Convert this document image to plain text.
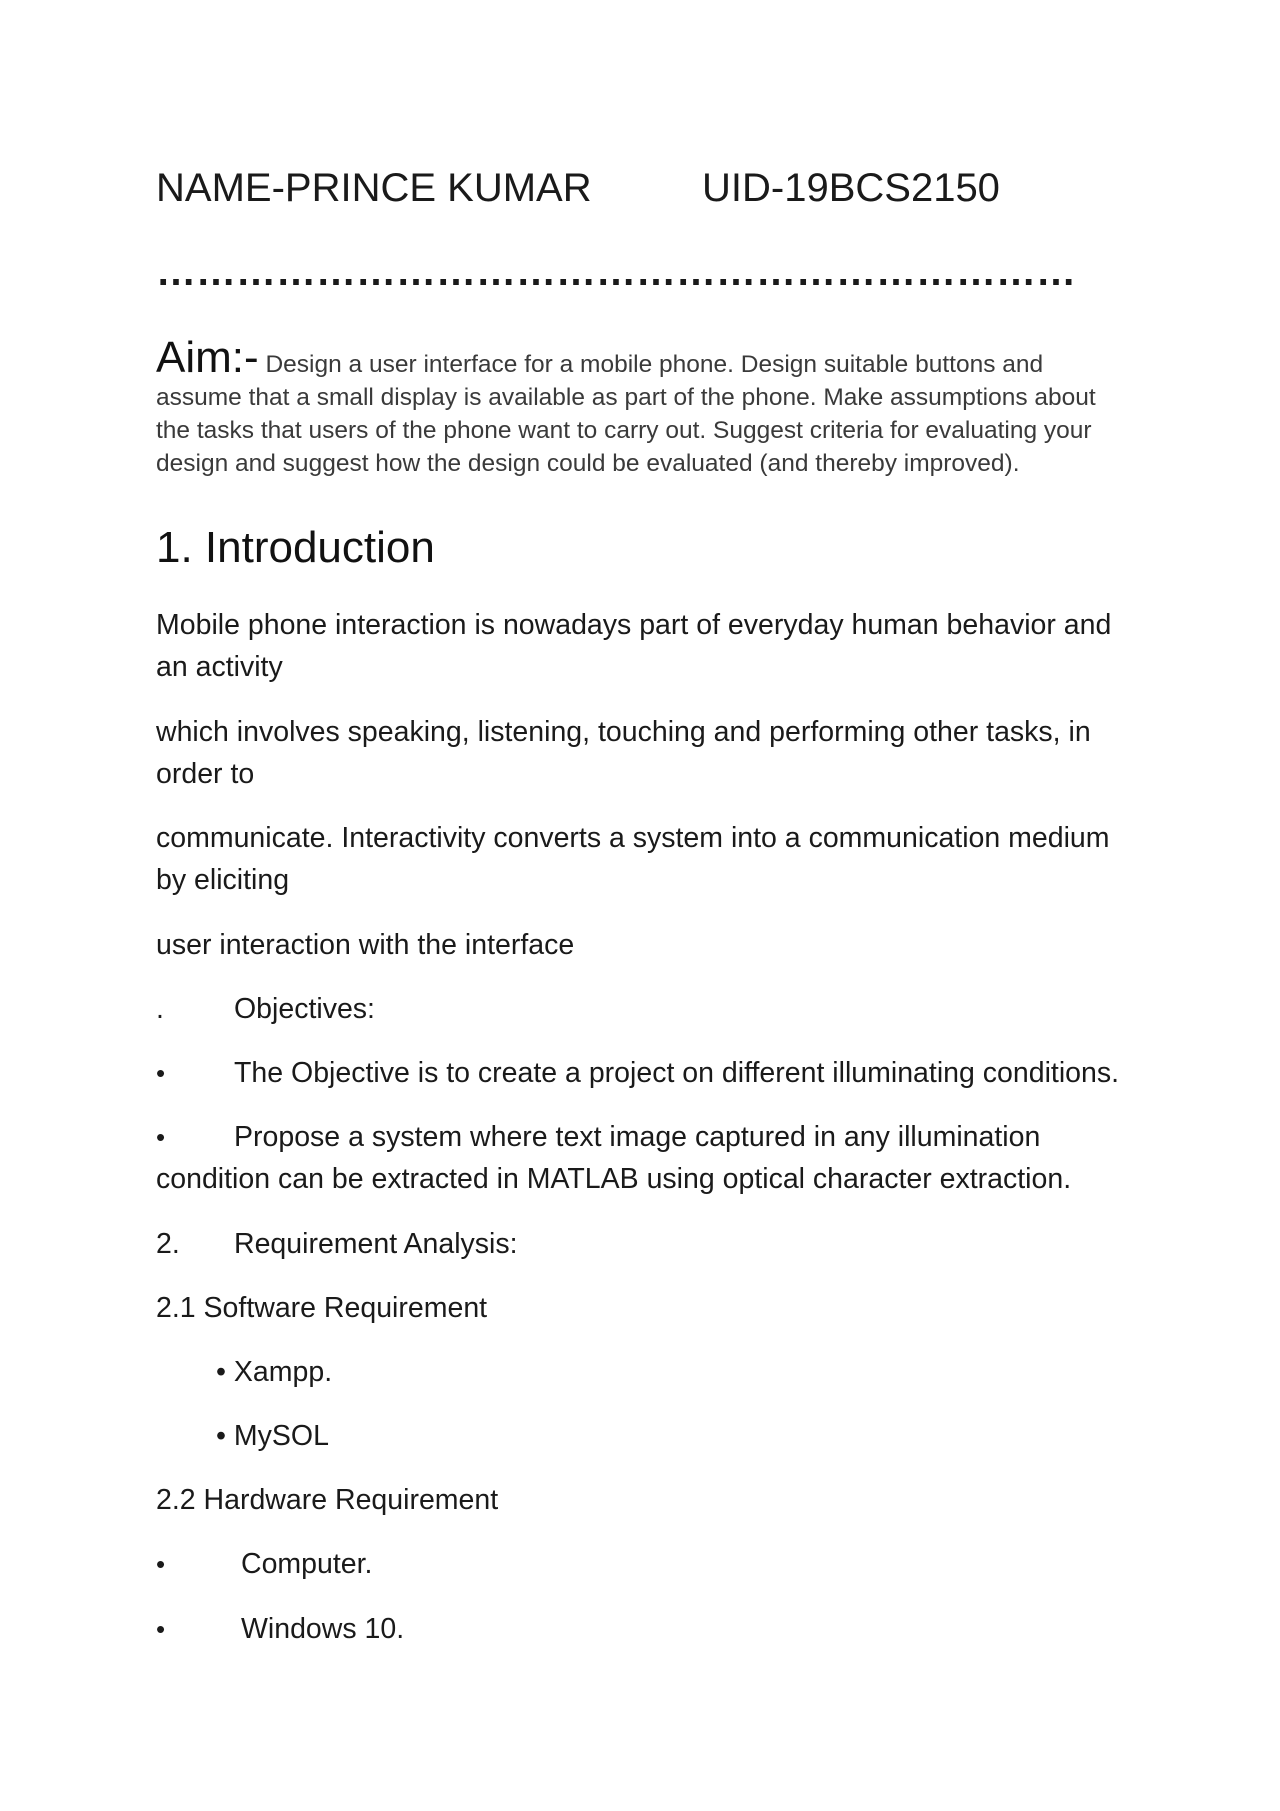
NAME-PRINCE KUMAR	UID-19BCS2150
……………………………………………………………
Aim:- Design a user interface for a mobile phone. Design suitable buttons and assume that a small display is available as part of the phone. Make assumptions about the tasks that users of the phone want to carry out. Suggest criteria for evaluating your design and suggest how the design could be evaluated (and thereby improved).
1. Introduction
Mobile phone interaction is nowadays part of everyday human behavior and an activity
which involves speaking, listening, touching and performing other tasks, in order to
communicate. Interactivity converts a system into a communication medium by eliciting
user interaction with the interface
. Objectives:
• The Objective is to create a project on different illuminating conditions.
• Propose a system where text image captured in any illumination
condition can be extracted in MATLAB using optical character extraction.
2. Requirement Analysis:
2.1 Software Requirement
• Xampp.
• MySOL
2.2 Hardware Requirement
•	Computer.
•	Windows 10.
